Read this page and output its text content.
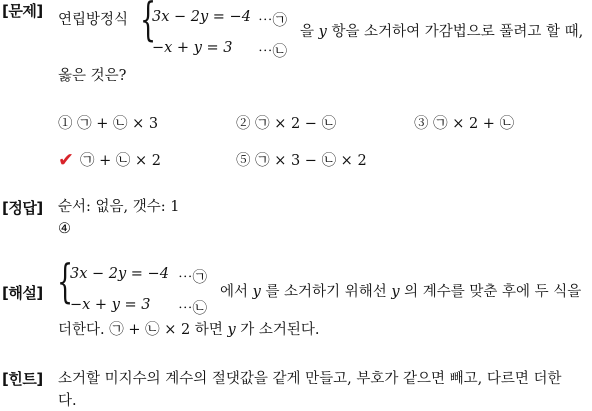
[문제] 연립방정식 {
3x − 2y = −4 ⋯㉠
−x + y = 3 ⋯㉡
을 y 항을 소거하여 가감법으로 풀려고 할 때,
옳은 것은?
① ㉠ + ㉡ × 3	② ㉠ × 2 − ㉡	③ ㉠ × 2 + ㉡
✔ ㉠ + ㉡ × 2	⑤ ㉠ × 3 − ㉡ × 2
[정답] 순서: 없음, 갯수: 1
④
[해설] {
3x − 2y = −4 ⋯㉠
−x + y = 3 ⋯㉡
에서 y 를 소거하기 위해선 y 의 계수를 맞춘 후에 두 식을
더한다. ㉠ + ㉡ × 2 하면 y 가 소거된다.
[힌트] 소거할 미지수의 계수의 절댓값을 같게 만들고, 부호가 같으면 빼고, 다르면 더한
다.
